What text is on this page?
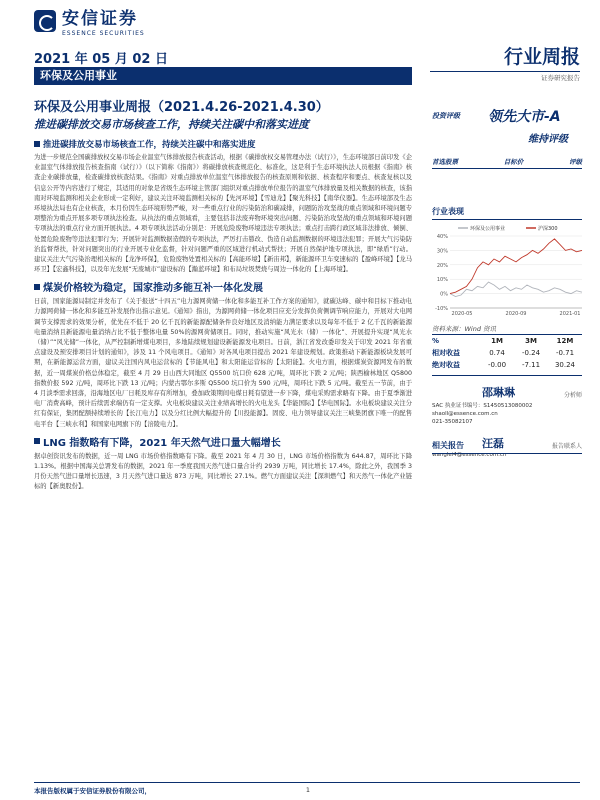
安信证券
ESSENCE SECURITIES
2021 年 05 月 02 日
环保及公用事业
行业周报
证券研究报告
环保及公用事业周报（2021.4.26-2021.4.30）
推进碳排放交易市场核查工作，持续关注碳中和落实进度
推进碳排放交易市场核查工作，持续关注碳中和落实进度

为进一步规范全国碳排放权交易市场企业温室气体排放报告核查活动，根据《碳排放权交易管理办法（试行）》，生态环境部日前印发《企业温室气体排放报告核查指南（试行）》（以下简称《指南》）将碳排放核查规范化、标准化，这是利于生态环境执法人员根据《指南》核查企业碳排放量，检查碳排放核查结果。《指南》对重点排放单位温室气体排放报告的核查原则和依据、核查程序和要点、核查复核以及信息公开等内容进行了规定，其适用的对象是省级生态环境主管部门组织对重点排放单位报告的温室气体排放量及相关数据的核查，该指南对环境监测和相关企业形成一定利好，建议关注环境监测相关标的【先河环境】【雪迪龙】【聚光科技】【南华仪器】。生态环境部及生态环境执法局也有企业核查，本月份因生态环境形势严峻，对一些重点行业的污染防治和碳减排，问题防治攻坚战的重点领域和环境问题专项整治为重点开展多项专项执法检查。从执法的重点领域看，主要包括非法废弃物环境突出问题、污染防治攻坚战的重点领域和环境问题专项执法的重点行业方面开展执法。4 项专项执法活动分别是：开展危险废物环境违法专项执法；重点打击跨行政区域非法排放、倾倒、处置危险废物等违法犯罪行为；开展针对监测数据造假的专项执法，严厉打击篡改、伪造自动监测数据的环境违法犯罪；开展大气污染防治监督帮扶，针对问题突出的行业开展专业化监督，针对问题严重的区域进行机动式帮扶；开展自然保护地专项执法，即“绿盾”行动。建议关注大气污染治理相关标的【龙净环保】，危险废物处置相关标的【高能环境】【新宙邦】，新能源环卫车变速标的【盈峰环境】【龙马环卫】【宏鑫科技】，以及年光发展“无废城市”建设标的【瀚蓝环境】和布局垃圾焚烧与周边一体化的【上海环境】。

煤炭价格较为稳定，国家推动多能互补一体化发展

日前，国家能源局制定并发布了《关于报送“十四五”电力源网荷储一体化和多能互补工作方案的通知》，就碳达峰、碳中和目标下推动电力源网荷储一体化和多能互补发展作出指示意见。《通知》指出，为源网荷储一体化项目应充分发挥负荷侧调节响应能力，开展对大电网调节支撑需求的效果分析，优先在不低于 20 亿千瓦的新能源配储条件良好地区及消纳能力满足要求以及每年不低于 2 亿千瓦的新能源电量消纳且新能源电量消纳占比不低于整体电量 50%的源网荷储项目。同时，推动实施“风光水（储）一体化”、开展提升实现“风光水（储）”“风光储”一体化，从严控制新增煤电项目，多地陆续规划建设新能源发电项目。日前，浙江省发改委印发关于印发 2021 年省重点建设及预安排项目计划的通知》，涉及 11 个风电项目。《通知》对各风电项目提出 2021 年建设规划。政策推动下新能源板块发展可期，在新能源运营方面，建议关注国内风电运营标的【节能风电】和太阳能运营标的【太阳能】。火电方面，根据煤炭资源网发布的数据，近一周煤炭价格总体稳定，截至 4 月 29 日山西大同地区 Q5500 坑口价 628 元/吨，周环比下跌 2 元/吨；陕西榆林地区 Q5800 指数价报 592 元/吨，周环比下跌 13 元/吨；内蒙古鄂尔多斯 Q5500 坑口价为 590 元/吨，周环比下跌 5 元/吨。截至五一节前，由于 4 月淡季需求回落，沿海地区电厂日耗及库存有所增加，叠加政策期间电煤日耗有望进一步下降，煤电采购需求略有下降。由于夏季渐进电厂消费高峰，预计后续需求端仍有一定支撑。火电板块建议关注业绩高增长的火电龙头【华能国际】【华电国际】。水电板块建议关注分红有保证，集团配额持续增长的【长江电力】以及分红比例大幅提升的【川投能源】。固废、电力领导建议关注三峡集团旗下唯一的配售电平台【三峡水利】和国家电网旗下的【涪陵电力】。

LNG 指数略有下降，2021 年天然气进口量大幅增长

据卓创资讯发布的数据，近一周 LNG 市场价格指数略有下降。截至 2021 年 4 月 30 日，LNG 市场价格指数为 644.87，周环比下降 1.13%。根据中国海关总署发布的数据，2021 年一季度我国天然气进口量合计约 2939 万吨，同比增长 17.4%，除此之外，我国季 3 月份天然气进口量增长迅速，3 月天然气进口量达 873 万吨，同比增长 27.1%。燃气方面建议关注【深圳燃气】和天然气一体化产业链标的【新奥股份】。

投资评级 领先大市-A
维持评级
首选股票	目标价	评级
行业表现
-10%
0%
10%
20%
30%
40%
2020-05	2020-09	2021-01
环保及公用事业	沪深300
资料来源：Wind 资讯
%	1M	3M	12M
相对收益	0.74	-0.24	-0.71
绝对收益	-0.00	-7.11	30.24
邵琳琳	分析师
SAC 执业证书编号：S1450513080002
shaoll@essence.com.cn
021-35082107
汪磊	报告联系人
wanglei4@essence.com.cn
相关报告
本报告版权属于安信证券股份有限公司，	1
